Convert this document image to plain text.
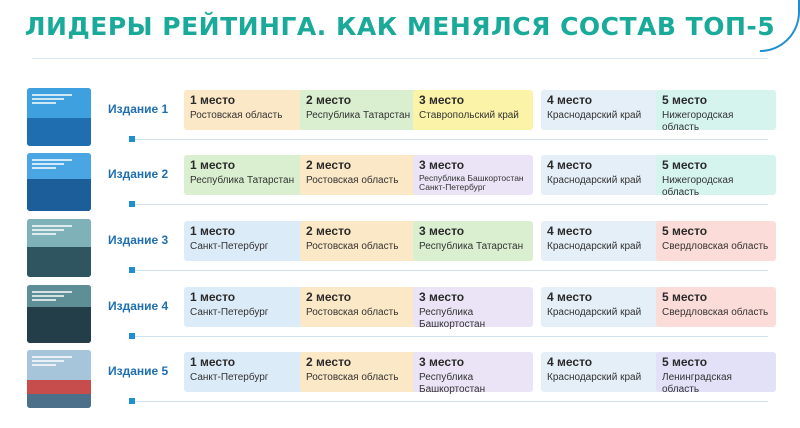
ЛИДЕРЫ РЕЙТИНГА. КАК МЕНЯЛСЯ СОСТАВ ТОП-5
Издание 1
1 место
Ростовская область
2 место
Республика Татарстан
3 место
Ставропольский край
4 место
Краснодарский край
5 место
Нижегородская область
Издание 2
1 место
Республика Татарстан
2 место
Ростовская область
3 место
Республика Башкортостан Санкт-Петербург
4 место
Краснодарский край
5 место
Нижегородская область
Издание 3
1 место
Санкт-Петербург
2 место
Ростовская область
3 место
Республика Татарстан
4 место
Краснодарский край
5 место
Свердловская область
Издание 4
1 место
Санкт-Петербург
2 место
Ростовская область
3 место
Республика Башкортостан
4 место
Краснодарский край
5 место
Свердловская область
Издание 5
1 место
Санкт-Петербург
2 место
Ростовская область
3 место
Республика Башкортостан
4 место
Краснодарский край
5 место
Ленинградская область
